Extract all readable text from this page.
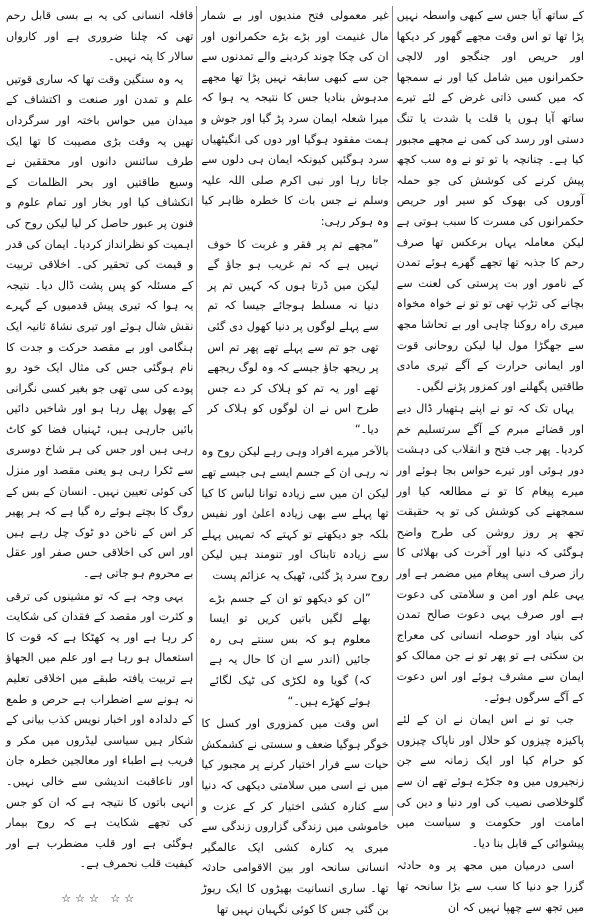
کے ساتھ آیا جس سے کبھی واسطہ نہیں پڑا تھا تو اس وقت مجھے گھور کر دیکھا اور حریص اور جنگجو اور لالچی حکمرانوں میں شامل کیا اور نے سمجھا کہ میں کسی ذاتی غرض کے لئے تیرے ساتھ آیا ہوں یا قلت یا شدت یا تنگ دستی اور رسد کی کمی نے مجھے مجبور کیا ہے۔ چنانچہ یا تو تو نے وہ سب کچھ پیش کرنے کی کوشش کی جو حملہ آوروں کی بھوک کو سیر اور حریص حکمرانوں کی مسرت کا سبب ہوتی ہے لیکن معاملہ یہاں برعکس تھا صرف رحم کا جذبہ تھا تجھے گھرے ہوئے تمدن کے نامور اور بت پرستی کی لعنت سے بچانے کی تڑپ تھی تو تو نے خواہ مخواہ میری راہ روکنا چاہی اور بے تحاشا مجھ سے جھگڑا مول لیا لیکن روحانی قوت اور ایمانی حرارت کے آگے تیری مادی طاقتیں پگھلنے اور کمزور پڑنے لگیں۔

یہاں تک کہ تو نے اپنے ہتھیار ڈال دیے اور قضائے مبرم کے آگے سرتسلیم خم کردیا۔ پھر جب فتح و انقلاب کی دہشت دور ہوئی اور تیرے حواس بجا ہوئے اور میرے پیغام کا تو نے مطالعہ کیا اور سمجھنے کی کوشش کی تو یہ حقیقت تجھ پر روز روشن کی طرح واضح ہوگئی کہ دنیا اور آخرت کی بھلائی کا راز صرف اسی پیغام میں مضمر ہے اور یہی علم اور امن و سلامتی کی دعوت ہے اور صرف یہی دعوت صالح تمدن کی بنیاد اور حوصلہ انسانی کی معراج بن سکتی ہے تو پھر تو نے جن ممالک کو ایمان سے مشرف ہوئے اور اس دعوت کے آگے سرگوں ہوئے۔

جب تو نے اس ایمان نے ان کے لئے پاکیزہ چیزوں کو حلال اور ناپاک چیزوں کو حرام کیا اور ایک زمانہ سے جن زنجیروں میں وہ جکڑے ہوئے تھے ان سے گلوخلاصی نصیب کی اور دنیا و دین کی امامت اور حکومت و سیاست میں پیشوائی کے قابل بنا دیا۔

اسی درمیان میں مجھ پر وہ حادثہ گزرا جو دنیا کا سب سے بڑا سانحہ تھا میں تجھ سے چھپا نہیں کہ ان

غیر معمولی فتح مندیوں اور بے شمار مال غنیمت اور بڑے بڑے حکمرانوں اور ان کی چکا چوند کردینے والے تمدنوں سے جن سے کبھی سابقہ نہیں پڑا تھا مجھے مدہوش بنادیا جس کا نتیجہ یہ ہوا کہ میرا شعلہ ایمان سرد پڑ گیا اور جوش و ہمت مفقود ہوگیا اور دوں کی انگیٹھیاں سرد ہوگئیں کیونکہ ایمان ہی دلوں سے جاتا رہا اور نبی اکرم صلی اللہ علیہ وسلم نے جس بات کا خطرہ ظاہر کیا وہ ہوکر رہی:

”مجھے تم پر فقر و غربت کا خوف نہیں ہے کہ تم غریب ہو جاؤ گے لیکن میں ڈرتا ہوں کہ کہیں تم پر دنیا نہ مسلط ہوجائے جیسا کہ تم سے پہلے لوگوں پر دنیا کھول دی گئی تھی جو تم سے پہلے تھے پھر تم اس پر ریجھ جاؤ جیسے کہ وہ لوگ ریجھے تھے اور یہ تم کو ہلاک کر دے جس طرح اس نے ان لوگوں کو ہلاک کر دیا۔“

بالآخر میرے افراد وہی رہے لیکن روح وہ نہ رہی ان کے جسم ایسے ہی جیسے تھے لیکن ان میں سے زیادہ توانا لباس کا کیا تھا پہلے سے بھی زیادہ اعلیٰ اور نفیس بلکہ جو دیکھتے تو کہتے کہ تمہیں پہلے سے زیادہ تابناک اور تنومند ہیں لیکن روح سرد پڑ گئی، ٹھیک یہ عزائم پست

”ان کو دیکھو تو ان کے جسم بڑے بھلے لگیں باتیں کریں تو ایسا معلوم ہو کہ بس سنتے ہی رہ جائیں (اندر سے ان کا حال یہ ہے کہ) گویا وہ لکڑی کی ٹیک لگائے ہوئے کھڑے ہیں۔“

اس وقت میں کمزوری اور کسل کا خوگر ہوگیا ضعف و سستی نے کشمکش حیات سے فرار اختیار کرنے پر مجبور کیا میں نے اسی میں سلامتی دیکھی کہ دنیا سے کنارہ کشی اختیار کر کے عزت و خاموشی میں زندگی گزاروں زندگی سے میری یہ کنارہ کشی ایک عالمگیر انسانی سانحہ اور بین الاقوامی حادثہ تھا۔ ساری انسانیت بھیڑوں کا ایک ریوڑ بن گئی جس کا کوئی نگہبان نہیں تھا

قافلہ انسانی کی یہ بے بسی قابل رحم تھی کہ چلنا ضروری ہے اور کارواں سالار کا پتہ نہیں۔

یہ وہ سنگین وقت تھا کہ ساری قوتیں علم و تمدن اور صنعت و اکتشاف کے میدان میں حواس باختہ اور سرگرداں تھیں یہ وقت بڑی مصیبت کا تھا ایک طرف سائنس دانوں اور محققین نے وسیع طاقتیں اور بحر الظلمات کے انکشاف کیا اور بخار اور تمام علوم و فنون پر عبور حاصل کر لیا لیکن روح کی اہمیت کو نظرانداز کردیا۔ ایمان کی قدر و قیمت کی تحقیر کی۔ اخلاقی تربیت کے مسئلہ کو پس پشت ڈال دیا۔ نتیجہ یہ ہوا کہ تیری پیش قدمیوں کے گہرے نقش شال ہوئے اور تیری نشاۃ ثانیہ ایک ہنگامی اور بے مقصد حرکت و جدت کا نام ہوگئی جس کی مثال ایک خود رو پودے کی سی تھی جو بغیر کسی نگرانی کے پھول پھل رہا ہو اور شاخیں دائیں بائیں جارہی ہیں، ٹہنیاں فضا کو کاٹ رہی ہیں اور جس کی ہر شاخ دوسری سے ٹکرا رہی ہو یعنی مقصد اور منزل کی کوئی تعیین نہیں۔ انسان کے بس کے روگ کا بچتے ہوئے رہ گیا ہے کہ ہر پھیر کر اس کے ناخن دو ٹوک چل رہے ہیں اور اس کی اخلاقی حس صفر اور عقل بے محروم ہو جاتی ہے۔

یہی وجہ ہے کہ تو مشینوں کی ترقی و کثرت اور مقصد کے فقدان کی شکایت کر رہا ہے اور یہ کھٹکا ہے کہ قوت کا استعمال ہو رہا ہے اور علم میں الجھاؤ ہے تربیت یافتہ طبقے میں اخلاقی تعلیم نہ ہونے سے اضطراب ہے حرص و طمع کے دلدادہ اور اخبار نویس کذب بیانی کے شکار ہیں سیاسی لیڈروں میں مکر و فریب ہے اطباء اور معالجین خطرہ جان اور ناعاقبت اندیشی سے خالی نہیں۔ انہی باتوں کا نتیجہ ہے کہ ان کو جس کی تجھے شکایت ہے کہ روح بیمار ہوگئی ہے اور قلب مضطرب ہے اور کیفیت قلب نحمرف ہے۔

☆☆☆ ☆☆
